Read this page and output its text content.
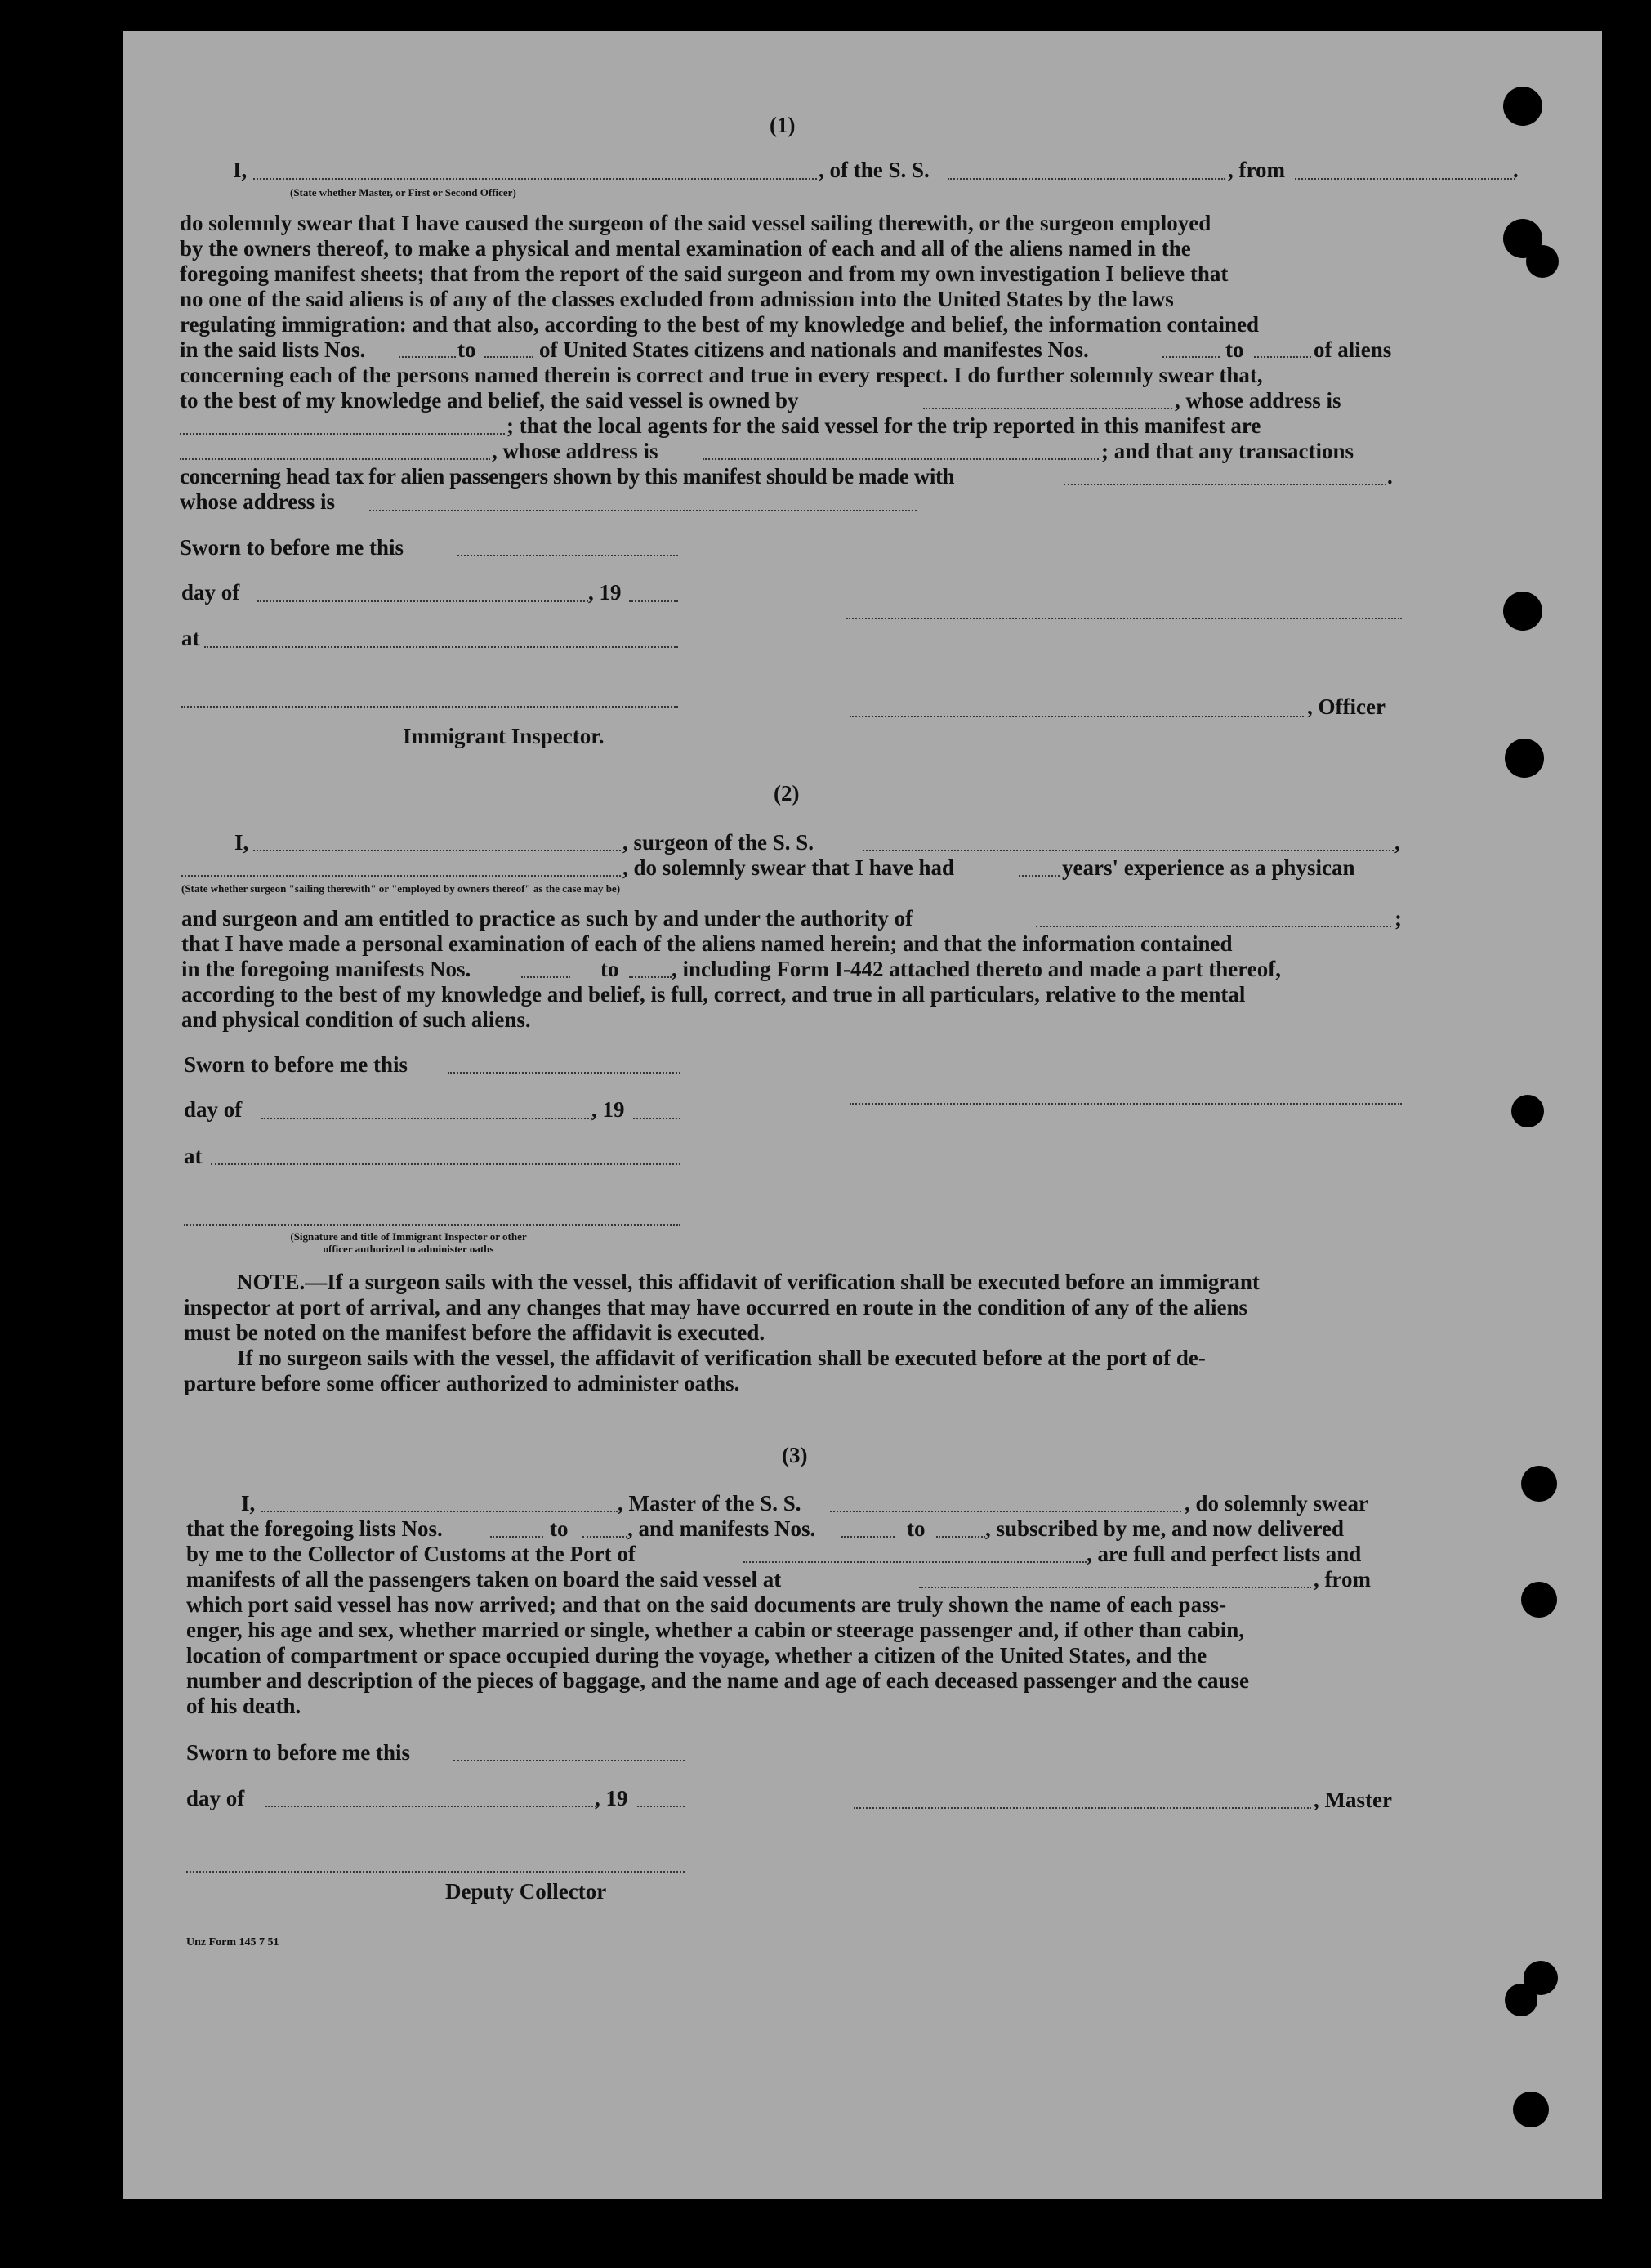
(1)
I,	, of the S. S.	, from	.
(State whether Master, or First or Second Officer)
do solemnly swear that I have caused the surgeon of the said vessel sailing therewith, or the surgeon employed
by the owners thereof, to make a physical and mental examination of each and all of the aliens named in the
foregoing manifest sheets; that from the report of the said surgeon and from my own investigation I believe that
no one of the said aliens is of any of the classes excluded from admission into the United States by the laws
regulating immigration: and that also, according to the best of my knowledge and belief, the information contained
in the said lists Nos.	to	of United States citizens and nationals and manifestes Nos.	to	of aliens
concerning each of the persons named therein is correct and true in every respect. I do further solemnly swear that,
to the best of my knowledge and belief, the said vessel is owned by	, whose address is
; that the local agents for the said vessel for the trip reported in this manifest are
, whose address is	; and that any transactions
concerning head tax for alien passengers shown by this manifest should be made with	.
whose address is
Sworn to before me this
day of	, 19
at
, Officer
Immigrant Inspector.
(2)
I,	, surgeon of the S. S.	,
, do solemnly swear that I have had	years' experience as a physican
(State whether surgeon "sailing therewith" or "employed by owners thereof" as the case may be)
and surgeon and am entitled to practice as such by and under the authority of	;
that I have made a personal examination of each of the aliens named herein; and that the information contained
in the foregoing manifests Nos.	to , including Form I-442 attached thereto and made a part thereof,
according to the best of my knowledge and belief, is full, correct, and true in all particulars, relative to the mental
and physical condition of such aliens.
Sworn to before me this
day of	, 19
at
(Signature and title of Immigrant Inspector or other
officer authorized to administer oaths
NOTE.—If a surgeon sails with the vessel, this affidavit of verification shall be executed before an immigrant
inspector at port of arrival, and any changes that may have occurred en route in the condition of any of the aliens
must be noted on the manifest before the affidavit is executed.
If no surgeon sails with the vessel, the affidavit of verification shall be executed before at the port of de-
parture before some officer authorized to administer oaths.
(3)
I,	, Master of the S. S.	, do solemnly swear
that the foregoing lists Nos.	to	, and manifests Nos.	to	, subscribed by me, and now delivered
by me to the Collector of Customs at the Port of	, are full and perfect lists and
manifests of all the passengers taken on board the said vessel at	, from
which port said vessel has now arrived; and that on the said documents are truly shown the name of each pass-
enger, his age and sex, whether married or single, whether a cabin or steerage passenger and, if other than cabin,
location of compartment or space occupied during the voyage, whether a citizen of the United States, and the
number and description of the pieces of baggage, and the name and age of each deceased passenger and the cause
of his death.
Sworn to before me this
day of	, 19	, Master
Deputy Collector
Unz Form 145 7 51
